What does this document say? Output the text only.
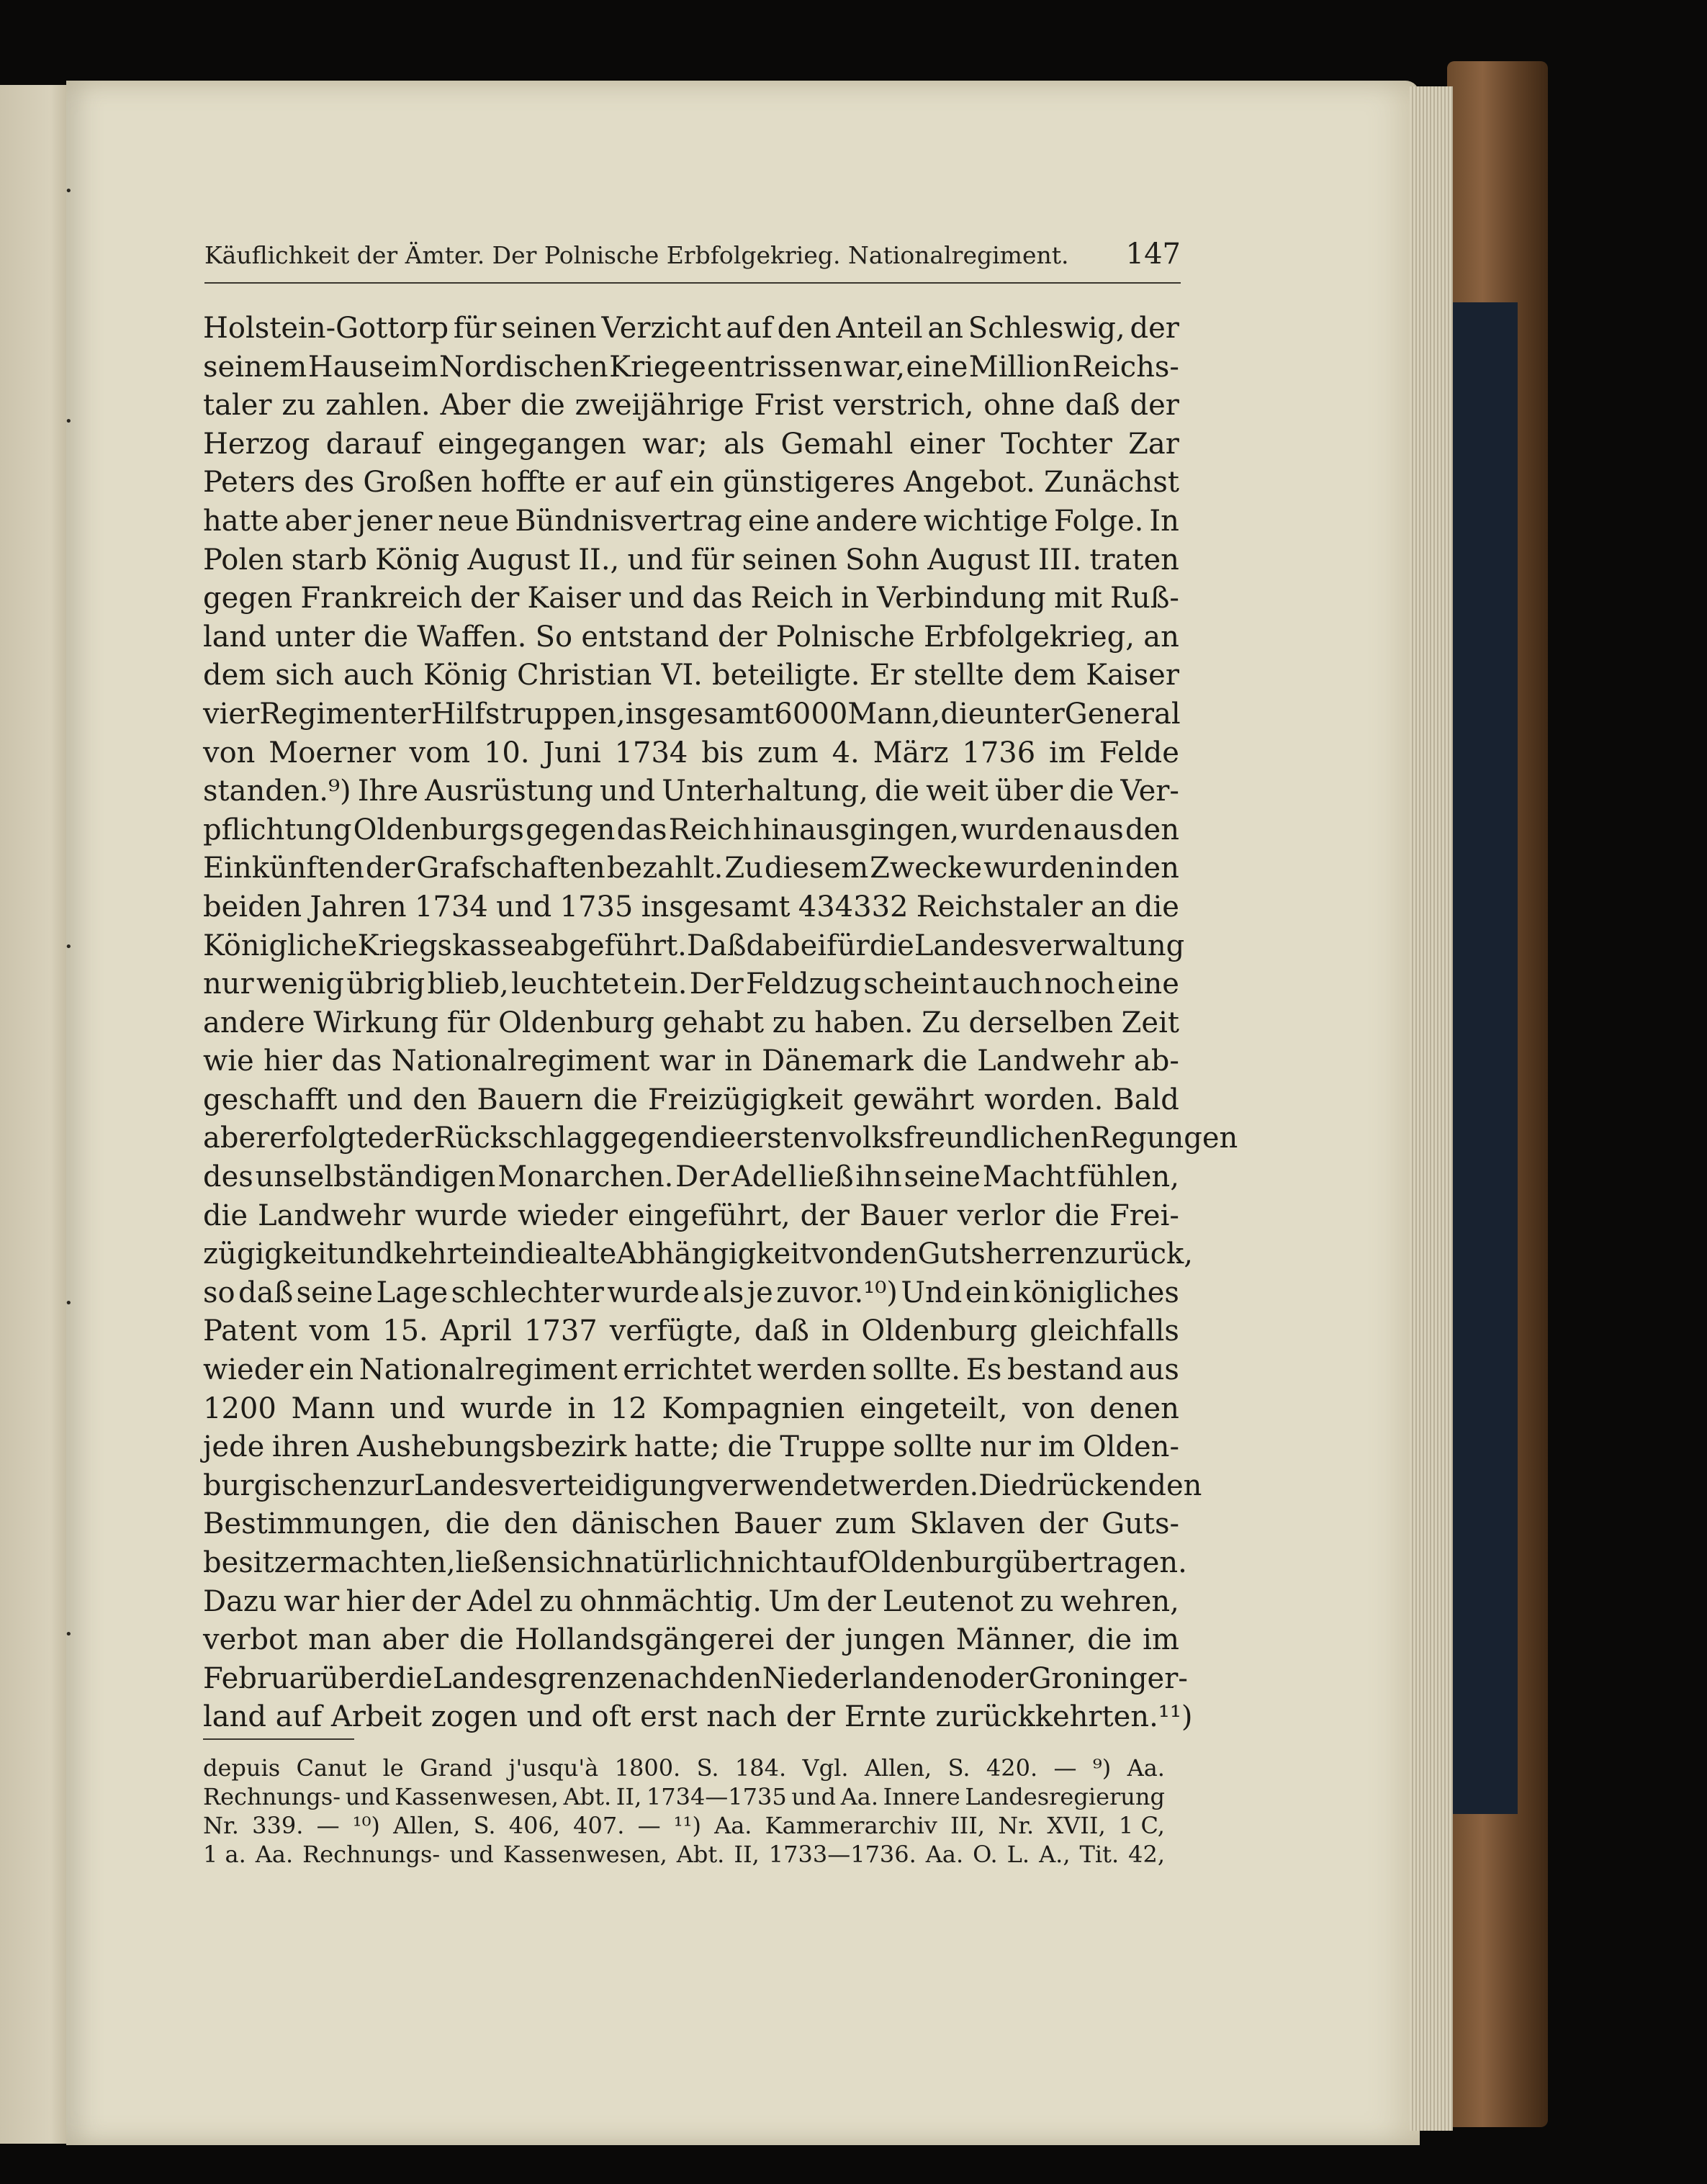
•
•
•
•
•
Käuflichkeit der Ämter. Der Polnische Erbfolgekrieg. Nationalregiment. 147
Holstein-Gottorp für seinen Verzicht auf den Anteil an Schleswig, der
seinem Hause im Nordischen Kriege entrissen war, eine Million Reichs-
taler zu zahlen. Aber die zweijährige Frist verstrich, ohne daß der
Herzog darauf eingegangen war; als Gemahl einer Tochter Zar
Peters des Großen hoffte er auf ein günstigeres Angebot. Zunächst
hatte aber jener neue Bündnisvertrag eine andere wichtige Folge. In
Polen starb König August II., und für seinen Sohn August III. traten
gegen Frankreich der Kaiser und das Reich in Verbindung mit Ruß-
land unter die Waffen. So entstand der Polnische Erbfolgekrieg, an
dem sich auch König Christian VI. beteiligte. Er stellte dem Kaiser
vier Regimenter Hilfstruppen, insgesamt 6000 Mann, die unter General
von Moerner vom 10. Juni 1734 bis zum 4. März 1736 im Felde
standen.⁹) Ihre Ausrüstung und Unterhaltung, die weit über die Ver-
pflichtung Oldenburgs gegen das Reich hinausgingen, wurden aus den
Einkünften der Grafschaften bezahlt. Zu diesem Zwecke wurden in den
beiden Jahren 1734 und 1735 insgesamt 434332 Reichstaler an die
Königliche Kriegskasse abgeführt. Daß dabei für die Landesverwaltung
nur wenig übrig blieb, leuchtet ein. Der Feldzug scheint auch noch eine
andere Wirkung für Oldenburg gehabt zu haben. Zu derselben Zeit
wie hier das Nationalregiment war in Dänemark die Landwehr ab-
geschafft und den Bauern die Freizügigkeit gewährt worden. Bald
aber erfolgte der Rückschlag gegen die ersten volksfreundlichen Regungen
des unselbständigen Monarchen. Der Adel ließ ihn seine Macht fühlen,
die Landwehr wurde wieder eingeführt, der Bauer verlor die Frei-
zügigkeit und kehrte in die alte Abhängigkeit von den Gutsherren zurück,
so daß seine Lage schlechter wurde als je zuvor.¹⁰) Und ein königliches
Patent vom 15. April 1737 verfügte, daß in Oldenburg gleichfalls
wieder ein Nationalregiment errichtet werden sollte. Es bestand aus
1200 Mann und wurde in 12 Kompagnien eingeteilt, von denen
jede ihren Aushebungsbezirk hatte; die Truppe sollte nur im Olden-
burgischen zur Landesverteidigung verwendet werden. Die drückenden
Bestimmungen, die den dänischen Bauer zum Sklaven der Guts-
besitzer machten, ließen sich natürlich nicht auf Oldenburg übertragen.
Dazu war hier der Adel zu ohnmächtig. Um der Leutenot zu wehren,
verbot man aber die Hollandsgängerei der jungen Männer, die im
Februar über die Landesgrenze nach den Niederlanden oder Groninger-
land auf Arbeit zogen und oft erst nach der Ernte zurückkehrten.¹¹)
depuis Canut le Grand j'usqu'à 1800. S. 184. Vgl. Allen, S. 420. — ⁹) Aa.
Rechnungs- und Kassenwesen, Abt. II, 1734—1735 und Aa. Innere Landesregierung
Nr. 339. — ¹⁰) Allen, S. 406, 407. — ¹¹) Aa. Kammerarchiv III, Nr. XVII, 1 C,
1 a. Aa. Rechnungs- und Kassenwesen, Abt. II, 1733—1736. Aa. O. L. A., Tit. 42,
